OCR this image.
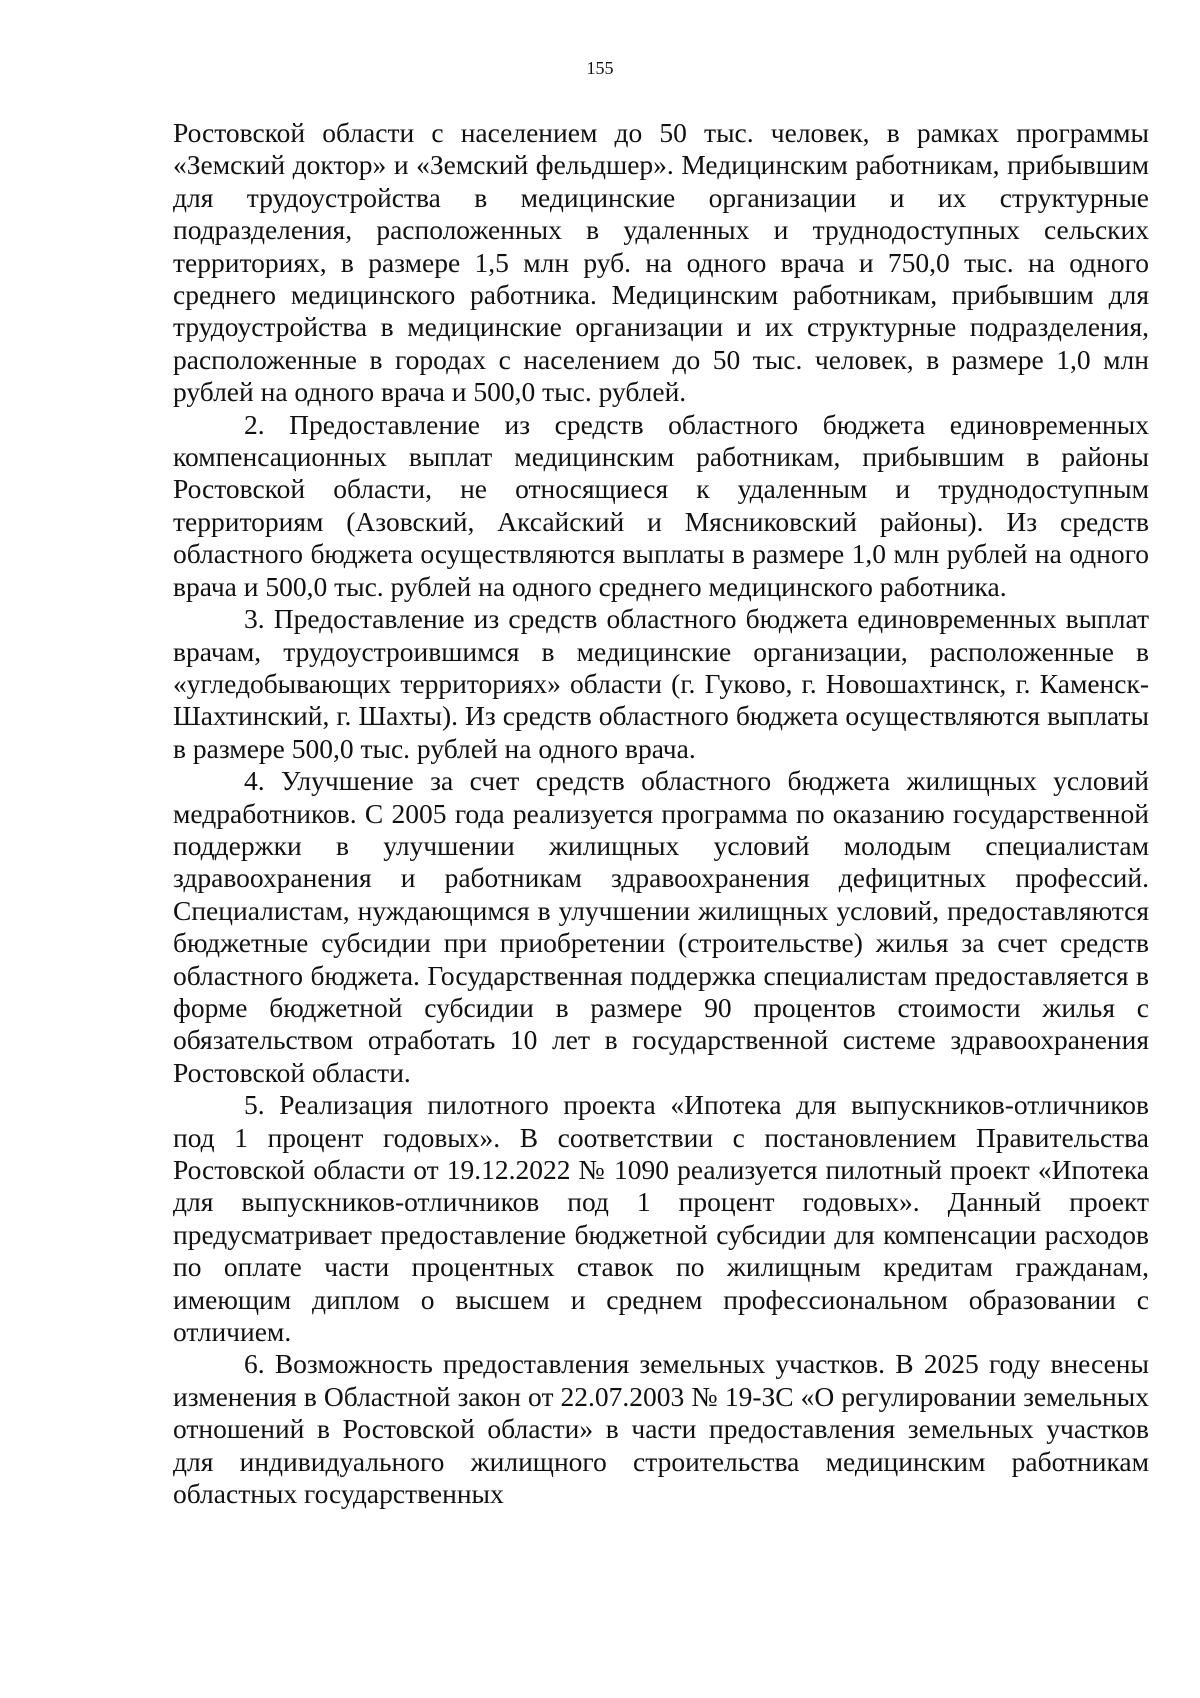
155

Ростовской области с населением до 50 тыс. человек, в рамках программы «Земский доктор» и «Земский фельдшер». Медицинским работникам, прибывшим для трудоустройства в медицинские организации и их структурные подразделения, расположенных в удаленных и труднодоступных сельских территориях, в размере 1,5 млн руб. на одного врача и 750,0 тыс. на одного среднего медицинского работника. Медицинским работникам, прибывшим для трудоустройства в медицинские организации и их структурные подразделения, расположенные в городах с населением до 50 тыс. человек, в размере 1,0 млн рублей на одного врача и 500,0 тыс. рублей.

2. Предоставление из средств областного бюджета единовременных компенсационных выплат медицинским работникам, прибывшим в районы Ростовской области, не относящиеся к удаленным и труднодоступным территориям (Азовский, Аксайский и Мясниковский районы). Из средств областного бюджета осуществляются выплаты в размере 1,0 млн рублей на одного врача и 500,0 тыс. рублей на одного среднего медицинского работника.

3. Предоставление из средств областного бюджета единовременных выплат врачам, трудоустроившимся в медицинские организации, расположенные в «угледобывающих территориях» области (г. Гуково, г. Новошахтинск, г. Каменск-Шахтинский, г. Шахты). Из средств областного бюджета осуществляются выплаты в размере 500,0 тыс. рублей на одного врача.

4. Улучшение за счет средств областного бюджета жилищных условий медработников. С 2005 года реализуется программа по оказанию государственной поддержки в улучшении жилищных условий молодым специалистам здравоохранения и работникам здравоохранения дефицитных профессий. Специалистам, нуждающимся в улучшении жилищных условий, предоставляются бюджетные субсидии при приобретении (строительстве) жилья за счет средств областного бюджета. Государственная поддержка специалистам предоставляется в форме бюджетной субсидии в размере 90 процентов стоимости жилья с обязательством отработать 10 лет в государственной системе здравоохранения Ростовской области.

5. Реализация пилотного проекта «Ипотека для выпускников-отличников под 1 процент годовых». В соответствии с постановлением Правительства Ростовской области от 19.12.2022 № 1090 реализуется пилотный проект «Ипотека для выпускников-отличников под 1 процент годовых». Данный проект предусматривает предоставление бюджетной субсидии для компенсации расходов по оплате части процентных ставок по жилищным кредитам гражданам, имеющим диплом о высшем и среднем профессиональном образовании с отличием.

6. Возможность предоставления земельных участков. В 2025 году внесены изменения в Областной закон от 22.07.2003 № 19-ЗС «О регулировании земельных отношений в Ростовской области» в части предоставления земельных участков для индивидуального жилищного строительства медицинским работникам областных государственных
